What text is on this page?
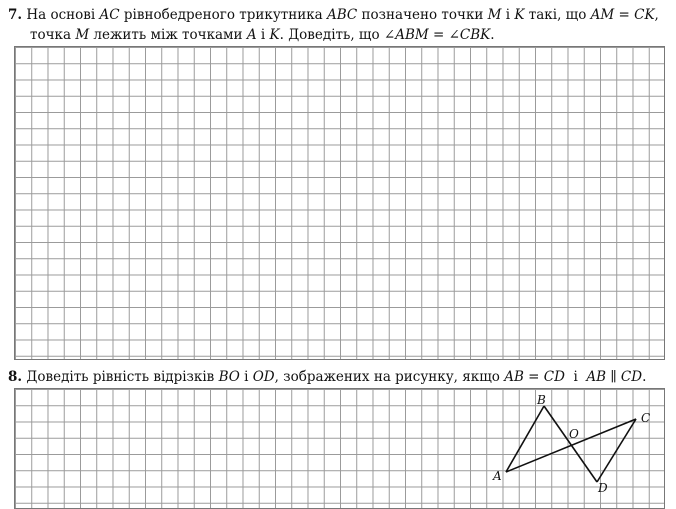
7. На основі AC рівнобедреного трикутника ABC позначено точки M і K такі, що AM = CK,
точка M лежить між точками A і K. Доведіть, що ∠ABM = ∠CBK.
8. Доведіть рівність відрізків BO і OD, зображених на рисунку, якщо AB = CD  і  AB ∥ CD.
A
B
C
D
O
